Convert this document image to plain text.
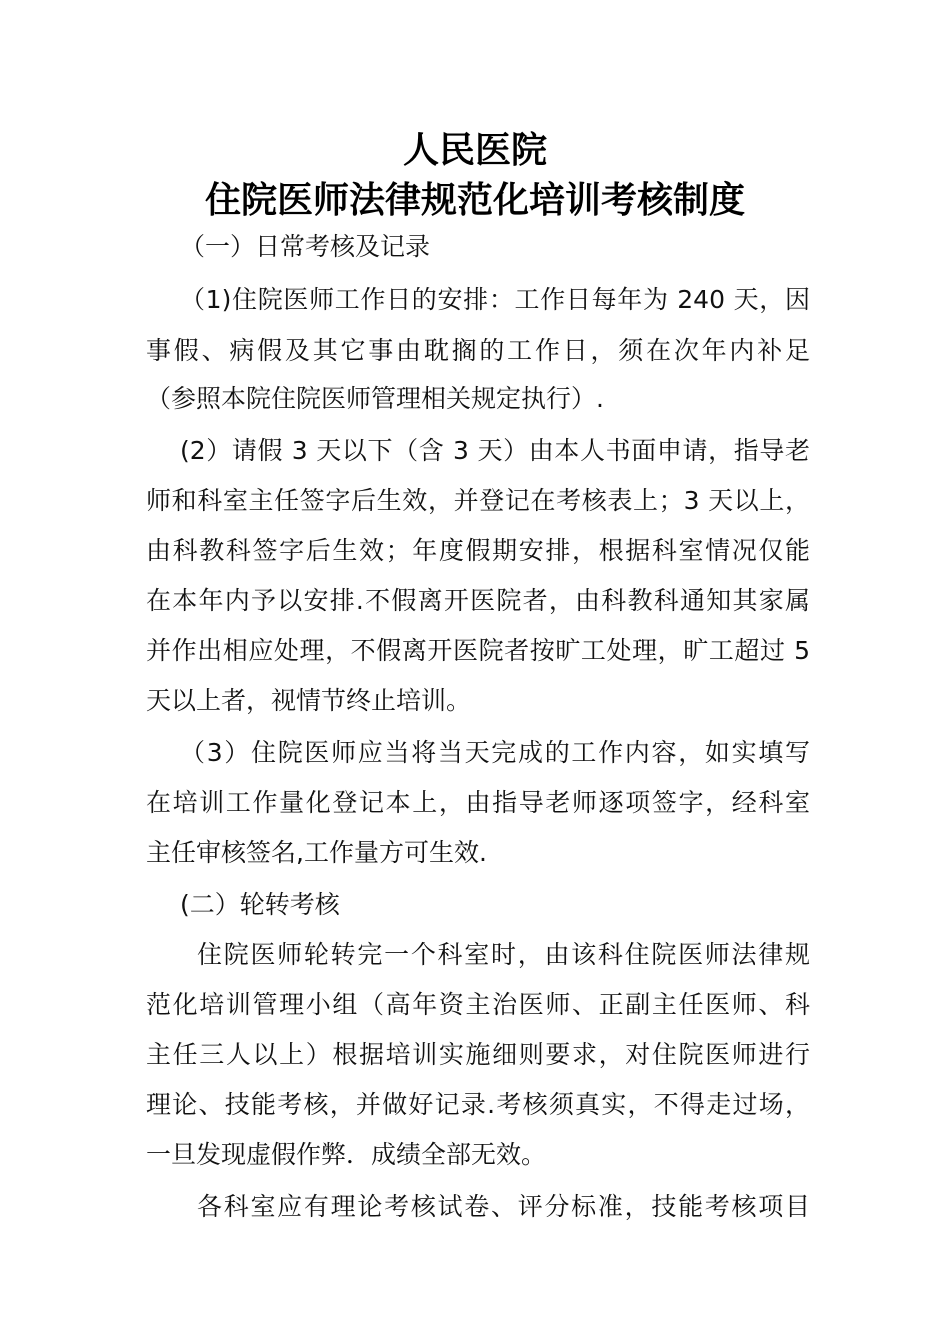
人民医院
住院医师法律规范化培训考核制度
（一）日常考核及记录
（1)住院医师工作日的安排：工作日每年为 240 天，因
事假、病假及其它事由耽搁的工作日，须在次年内补足
（参照本院住院医师管理相关规定执行）.
(2）请假 3 天以下（含 3 天）由本人书面申请，指导老
师和科室主任签字后生效，并登记在考核表上；3 天以上，
由科教科签字后生效；年度假期安排，根据科室情况仅能
在本年内予以安排.不假离开医院者，由科教科通知其家属
并作出相应处理，不假离开医院者按旷工处理，旷工超过 5
天以上者，视情节终止培训。
（3）住院医师应当将当天完成的工作内容，如实填写
在培训工作量化登记本上，由指导老师逐项签字，经科室
主任审核签名,工作量方可生效.
(二）轮转考核
住院医师轮转完一个科室时，由该科住院医师法律规
范化培训管理小组（高年资主治医师、正副主任医师、科
主任三人以上）根据培训实施细则要求，对住院医师进行
理论、技能考核，并做好记录.考核须真实，不得走过场，
一旦发现虚假作弊．成绩全部无效。
各科室应有理论考核试卷、评分标准，技能考核项目
